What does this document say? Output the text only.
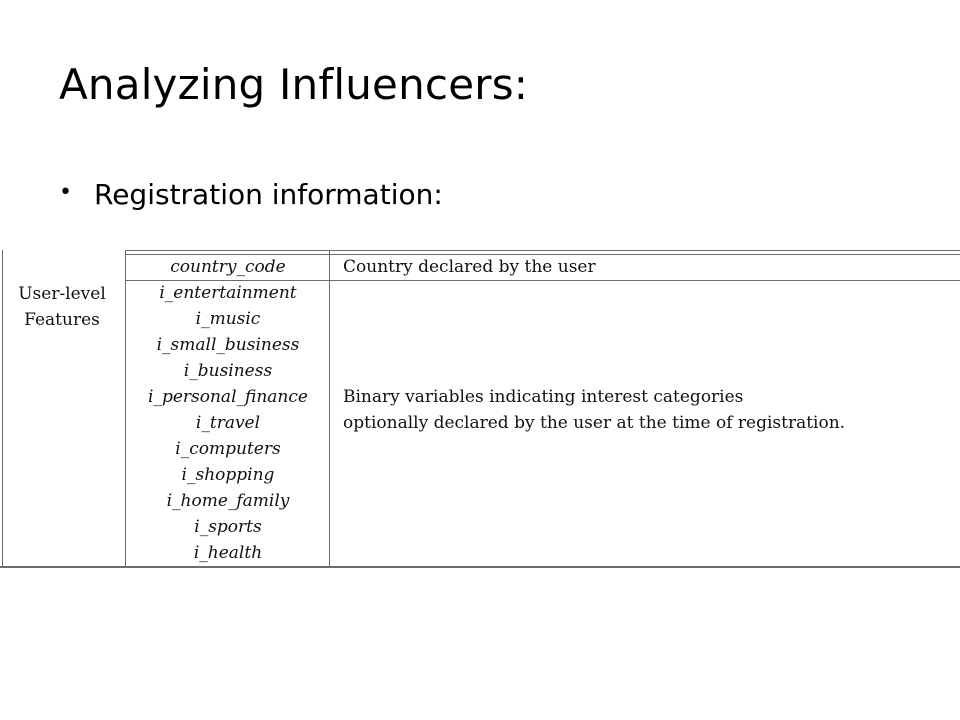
Analyzing Influencers:
• Registration information:
User-level
Features
country_code
i_entertainment
i_music
i_small_business
i_business
i_personal_finance
i_travel
i_computers
i_shopping
i_home_family
i_sports
i_health
Country declared by the user
Binary variables indicating interest categories
optionally declared by the user at the time of registration.
